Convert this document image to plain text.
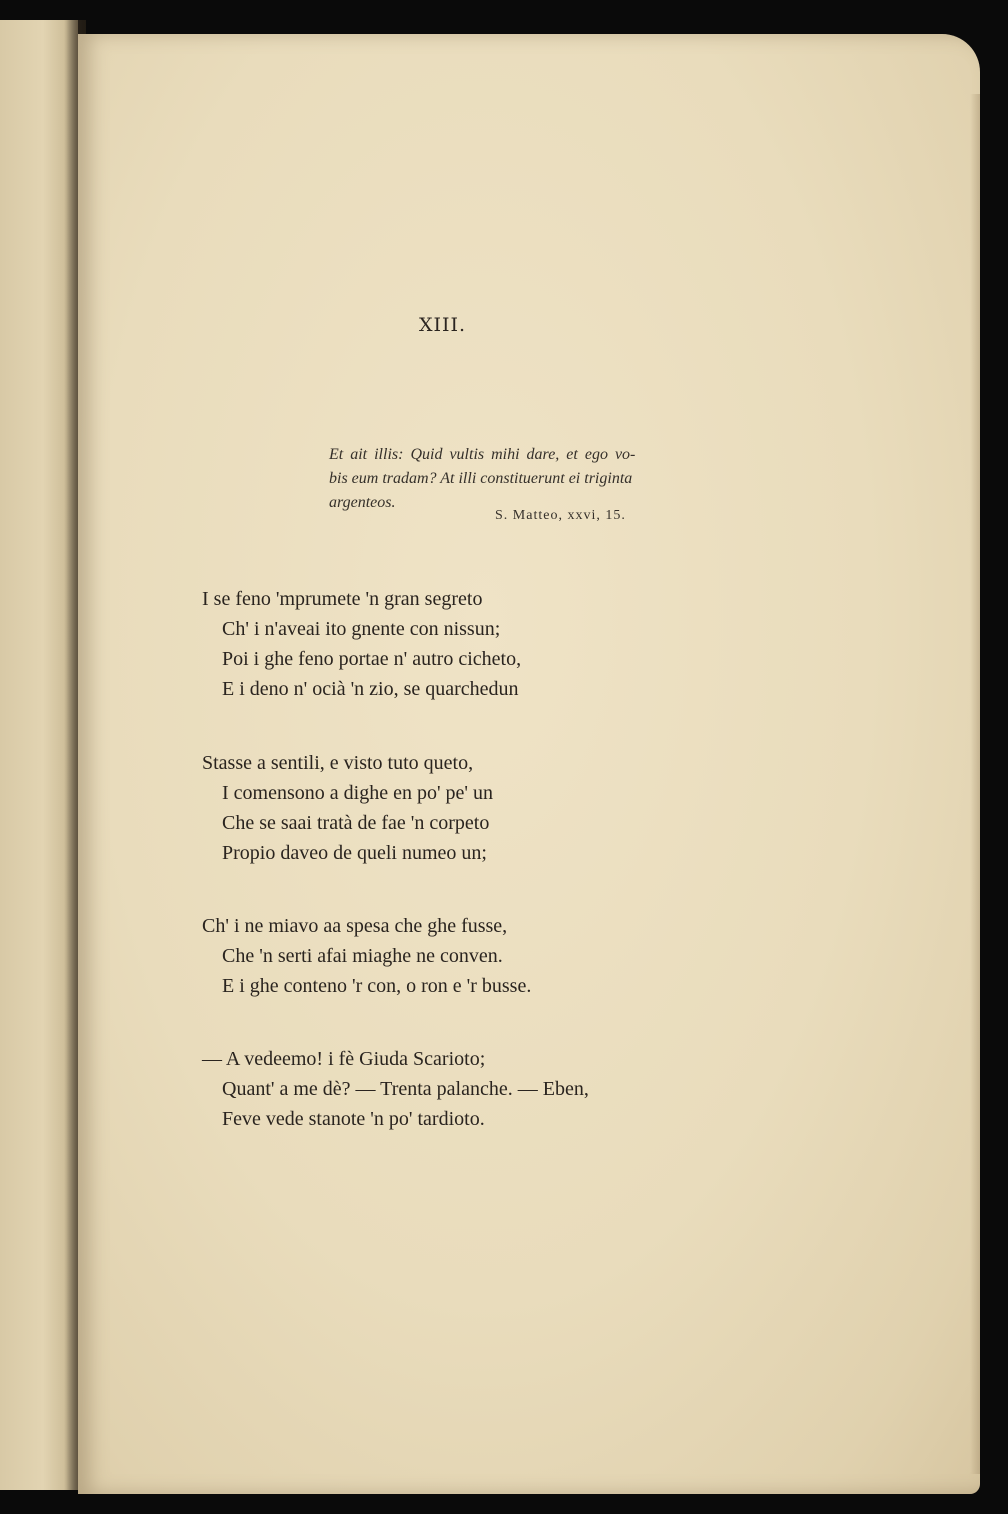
XIII.
Et ait illis: Quid vultis mihi dare, et ego vo-
bis eum tradam? At illi constituerunt ei triginta
argenteos.
S. Matteo, xxvi, 15.
I se feno 'mprumete 'n gran segreto
Ch' i n'aveai ito gnente con nissun;
Poi i ghe feno portae n' autro cicheto,
E i deno n' ocià 'n zio, se quarchedun
Stasse a sentili, e visto tuto queto,
I comensono a dighe en po' pe' un
Che se saai tratà de fae 'n corpeto
Propio daveo de queli numeo un;
Ch' i ne miavo aa spesa che ghe fusse,
Che 'n serti afai miaghe ne conven.
E i ghe conteno 'r con, o ron e 'r busse.
— A vedeemo! i fè Giuda Scarioto;
Quant' a me dè? — Trenta palanche. — Eben,
Feve vede stanote 'n po' tardioto.
